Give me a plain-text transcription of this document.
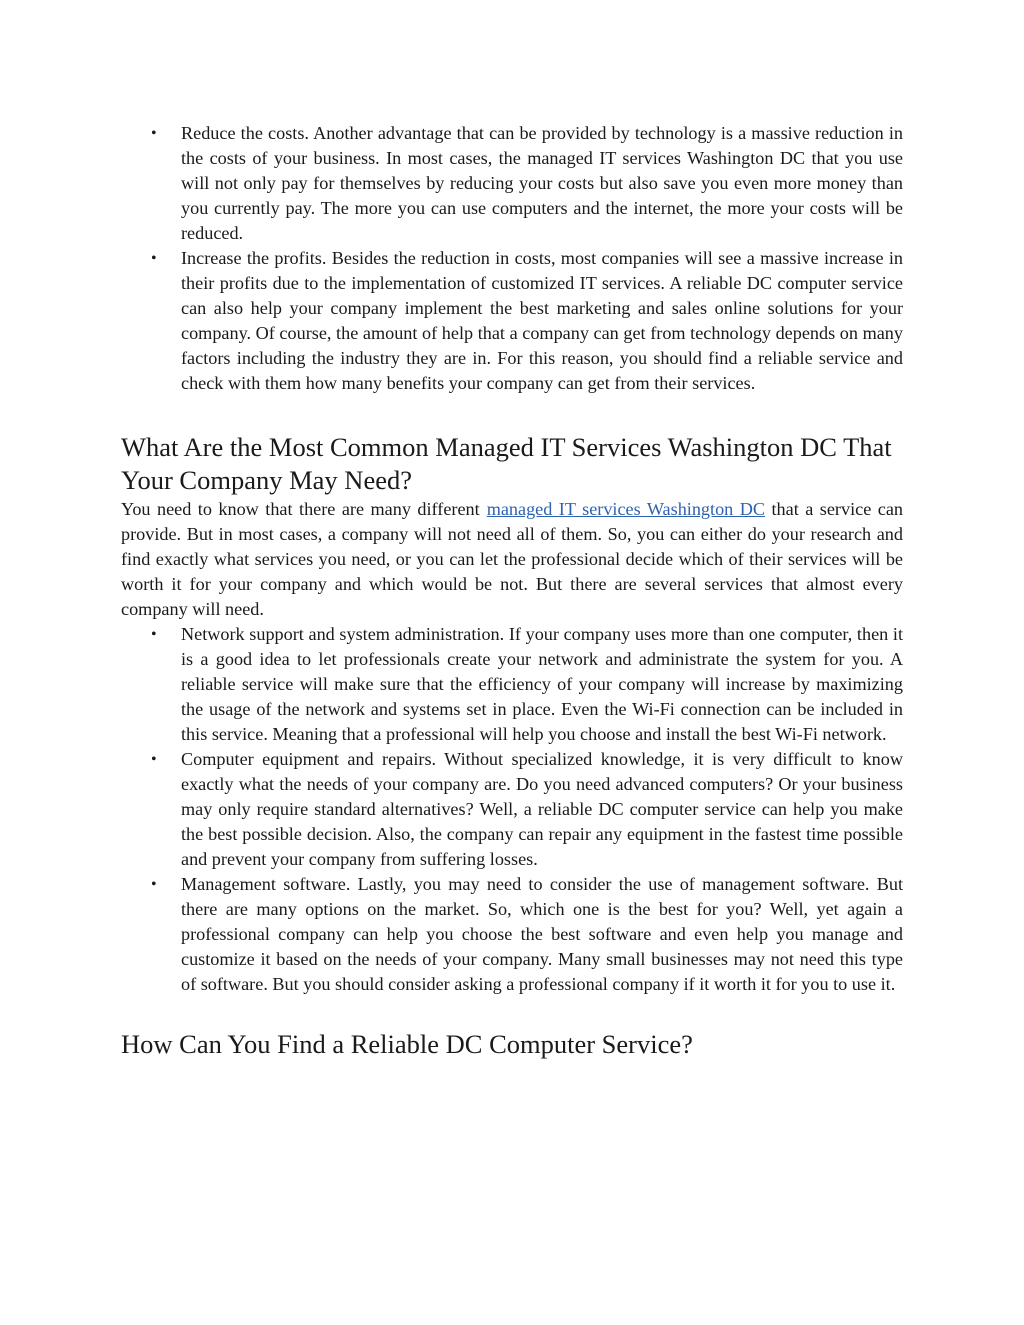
• Reduce the costs. Another advantage that can be provided by technology is a massive reduction in the costs of your business. In most cases, the managed IT services Washington DC that you use will not only pay for themselves by reducing your costs but also save you even more money than you currently pay. The more you can use computers and the internet, the more your costs will be reduced.
• Increase the profits. Besides the reduction in costs, most companies will see a massive increase in their profits due to the implementation of customized IT services. A reliable DC computer service can also help your company implement the best marketing and sales online solutions for your company. Of course, the amount of help that a company can get from technology depends on many factors including the industry they are in. For this reason, you should find a reliable service and check with them how many benefits your company can get from their services.
What Are the Most Common Managed IT Services Washington DC That Your Company May Need?

You need to know that there are many different managed IT services Washington DC that a service can provide. But in most cases, a company will not need all of them. So, you can either do your research and find exactly what services you need, or you can let the professional decide which of their services will be worth it for your company and which would be not. But there are several services that almost every company will need.

• Network support and system administration. If your company uses more than one computer, then it is a good idea to let professionals create your network and administrate the system for you. A reliable service will make sure that the efficiency of your company will increase by maximizing the usage of the network and systems set in place. Even the Wi-Fi connection can be included in this service. Meaning that a professional will help you choose and install the best Wi-Fi network.
• Computer equipment and repairs. Without specialized knowledge, it is very difficult to know exactly what the needs of your company are. Do you need advanced computers? Or your business may only require standard alternatives? Well, a reliable DC computer service can help you make the best possible decision. Also, the company can repair any equipment in the fastest time possible and prevent your company from suffering losses.
• Management software. Lastly, you may need to consider the use of management software. But there are many options on the market. So, which one is the best for you? Well, yet again a professional company can help you choose the best software and even help you manage and customize it based on the needs of your company. Many small businesses may not need this type of software. But you should consider asking a professional company if it worth it for you to use it.
How Can You Find a Reliable DC Computer Service?
